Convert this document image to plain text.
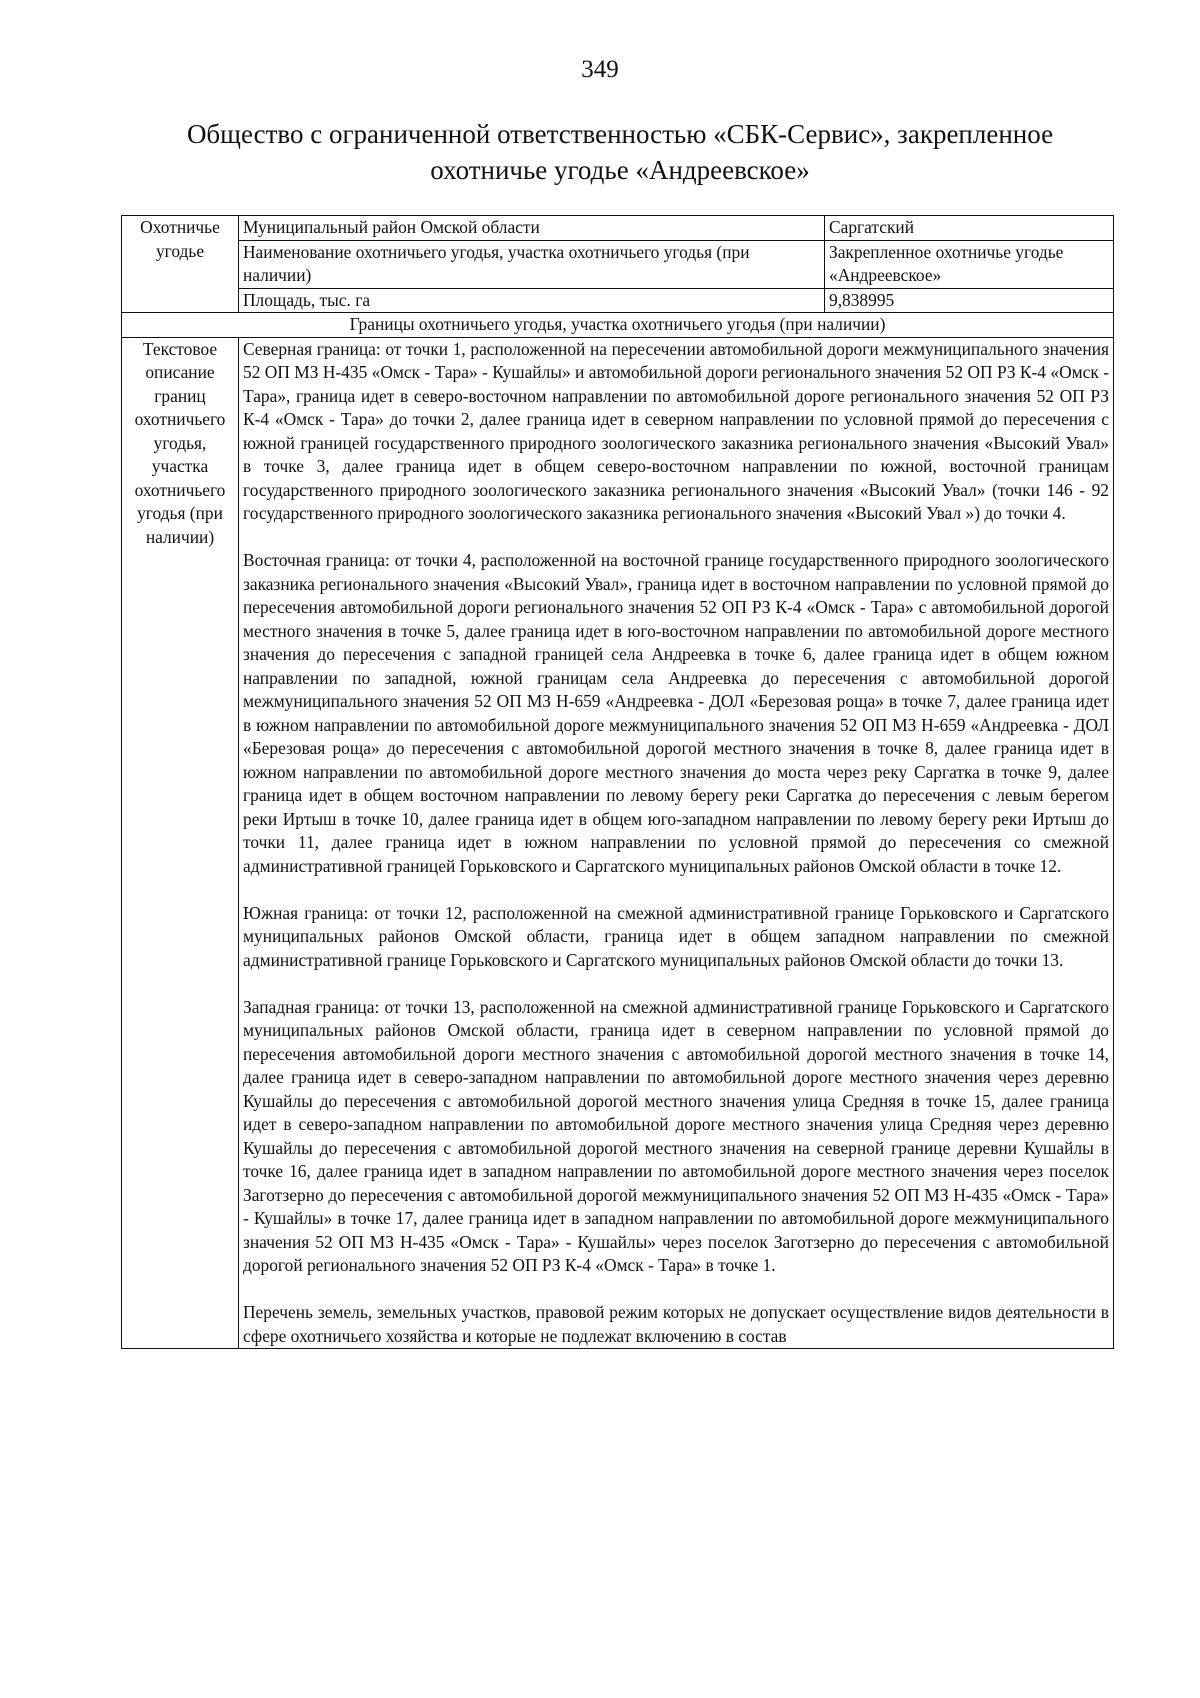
349
Общество с ограниченной ответственностью «СБК-Сервис», закрепленное
охотничье угодье «Андреевское»
Охотничье угодье	Муниципальный район Омской области	Саргатский
	Наименование охотничьего угодья, участка охотничьего угодья (при наличии)	Закрепленное охотничье угодье «Андреевское»
	Площадь, тыс. га	9,838995
Границы охотничьего угодья, участка охотничьего угодья (при наличии)		
Текстовое описание границ охотничьего угодья, участка охотничьего угодья (при наличии)	Северная граница: от точки 1, расположенной на пересечении автомобильной дороги межмуниципального значения 52 ОП МЗ Н-435 «Омск - Тара» - Кушайлы» и автомобильной дороги регионального значения 52 ОП РЗ К-4 «Омск - Тара», граница идет в северо-восточном направлении по автомобильной дороге регионального значения 52 ОП РЗ К-4 «Омск - Тара» до точки 2, далее граница идет в северном направлении по условной прямой до пересечения с южной границей государственного природного зоологического заказника регионального значения «Высокий Увал» в точке 3, далее граница идет в общем северо-восточном направлении по южной, восточной границам государственного природного зоологического заказника регионального значения «Высокий Увал» (точки 146 - 92 государственного природного зоологического заказника регионального значения «Высокий Увал ») до точки 4.

Восточная граница: от точки 4, расположенной на восточной границе государственного природного зоологического заказника регионального значения «Высокий Увал», граница идет в восточном направлении по условной прямой до пересечения автомобильной дороги регионального значения 52 ОП РЗ К-4 «Омск - Тара» с автомобильной дорогой местного значения в точке 5, далее граница идет в юго-восточном направлении по автомобильной дороге местного значения до пересечения с западной границей села Андреевка в точке 6, далее граница идет в общем южном направлении по западной, южной границам села Андреевка до пересечения с автомобильной дорогой межмуниципального значения 52 ОП МЗ Н-659 «Андреевка - ДОЛ «Березовая роща» в точке 7, далее граница идет в южном направлении по автомобильной дороге межмуниципального значения 52 ОП МЗ Н-659 «Андреевка - ДОЛ «Березовая роща» до пересечения с автомобильной дорогой местного значения в точке 8, далее граница идет в южном направлении по автомобильной дороге местного значения до моста через реку Саргатка в точке 9, далее граница идет в общем восточном направлении по левому берегу реки Саргатка до пересечения с левым берегом реки Иртыш в точке 10, далее граница идет в общем юго-западном направлении по левому берегу реки Иртыш до точки 11, далее граница идет в южном направлении по условной прямой до пересечения со смежной административной границей Горьковского и Саргатского муниципальных районов Омской области в точке 12.

Южная граница: от точки 12, расположенной на смежной административной границе Горьковского и Саргатского муниципальных районов Омской области, граница идет в общем западном направлении по смежной административной границе Горьковского и Саргатского муниципальных районов Омской области до точки 13.

Западная граница: от точки 13, расположенной на смежной административной границе Горьковского и Саргатского муниципальных районов Омской области, граница идет в северном направлении по условной прямой до пересечения автомобильной дороги местного значения с автомобильной дорогой местного значения в точке 14, далее граница идет в северо-западном направлении по автомобильной дороге местного значения через деревню Кушайлы до пересечения с автомобильной дорогой местного значения улица Средняя в точке 15, далее граница идет в северо-западном направлении по автомобильной дороге местного значения улица Средняя через деревню Кушайлы до пересечения с автомобильной дорогой местного значения на северной границе деревни Кушайлы в точке 16, далее граница идет в западном направлении по автомобильной дороге местного значения через поселок Заготзерно до пересечения с автомобильной дорогой межмуниципального значения 52 ОП МЗ Н-435 «Омск - Тара» - Кушайлы» в точке 17, далее граница идет в западном направлении по автомобильной дороге межмуниципального значения 52 ОП МЗ Н-435 «Омск - Тара» - Кушайлы» через поселок Заготзерно до пересечения с автомобильной дорогой регионального значения 52 ОП РЗ К-4 «Омск - Тара» в точке 1.

Перечень земель, земельных участков, правовой режим которых не допускает осуществление видов деятельности в сфере охотничьего хозяйства и которые не подлежат включению в состав	
